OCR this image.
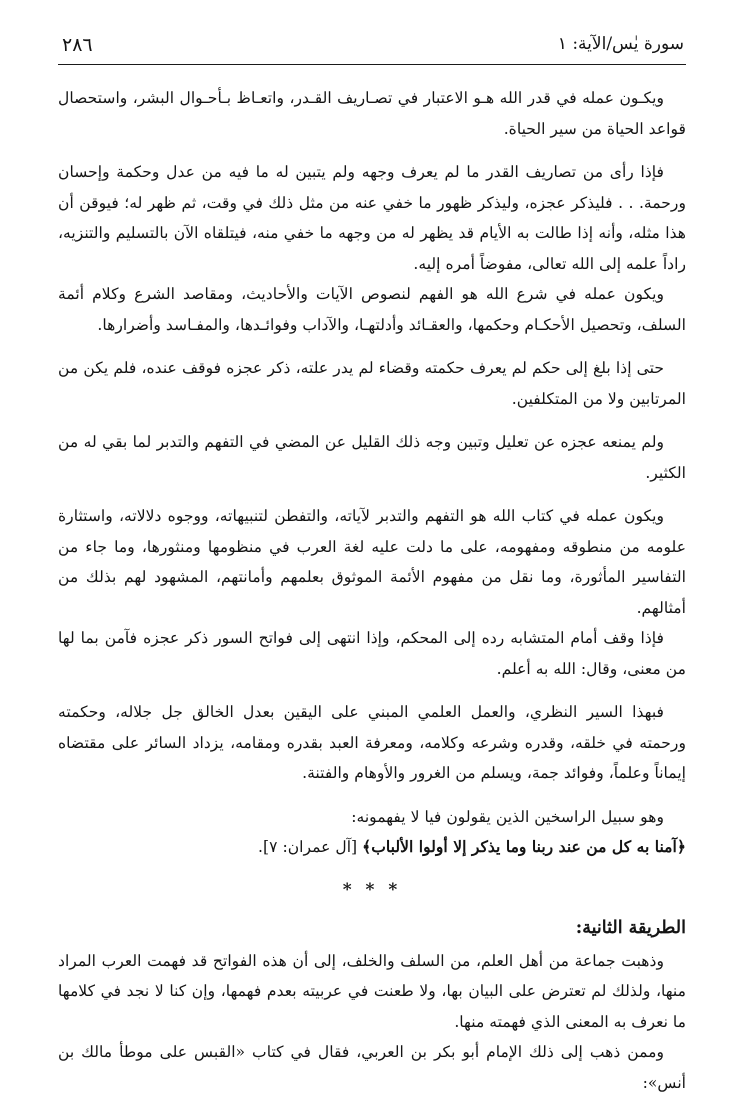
٢٨٦	سورة يٰس/الآية: ١

ويكـون عمله في قدر الله هـو الاعتبار في تصـاريف القـدر، واتعـاظ بـأحـوال البشر، واستحصال قواعد الحياة من سير الحياة.

فإذا رأى من تصاريف القدر ما لم يعرف وجهه ولم يتبين له ما فيه من عدل وحكمة وإحسان ورحمة. . . فليذكر عجزه، وليذكر ظهور ما خفي عنه من مثل ذلك في وقت، ثم ظهر له؛ فيوقن أن هذا مثله، وأنه إذا طالت به الأيام قد يظهر له من وجهه ما خفي منه، فيتلقاه الآن بالتسليم والتنزيه، راداً علمه إلى الله تعالى، مفوضاً أمره إليه.

ويكون عمله في شرع الله هو الفهم لنصوص الآيات والأحاديث، ومقاصد الشرع وكلام أئمة السلف، وتحصيل الأحكـام وحكمها، والعقـائد وأدلتهـا، والآداب وفوائـدها، والمفـاسد وأضرارها.

حتى إذا بلغ إلى حكم لم يعرف حكمته وقضاء لم يدر علته، ذكر عجزه فوقف عنده، فلم يكن من المرتابين ولا من المتكلفين.

ولم يمنعه عجزه عن تعليل وتبين وجه ذلك القليل عن المضي في التفهم والتدبر لما بقي له من الكثير.

ويكون عمله في كتاب الله هو التفهم والتدبر لآياته، والتفطن لتنبيهاته، ووجوه دلالاته، واستثارة علومه من منطوقه ومفهومه، على ما دلت عليه لغة العرب في منظومها ومنثورها، وما جاء من التفاسير المأثورة، وما نقل من مفهوم الأئمة الموثوق بعلمهم وأمانتهم، المشهود لهم بذلك من أمثالهم.

فإذا وقف أمام المتشابه رده إلى المحكم، وإذا انتهى إلى فواتح السور ذكر عجزه فآمن بما لها من معنى، وقال: الله به أعلم.

فبهذا السير النظري، والعمل العلمي المبني على اليقين بعدل الخالق جل جلاله، وحكمته ورحمته في خلقه، وقدره وشرعه وكلامه، ومعرفة العبد بقدره ومقامه، يزداد السائر على مقتضاه إيماناً وعلماً، وفوائد جمة، ويسلم من الغرور والأوهام والفتنة.

وهو سبيل الراسخين الذين يقولون فيا لا يفهمونه:

﴿آمنا به كل من عند ربنا وما يذكر إلا أولوا الألباب﴾ [آل عمران: ٧].

* * *

الطريقة الثانية:

وذهبت جماعة من أهل العلم، من السلف والخلف، إلى أن هذه الفواتح قد فهمت العرب المراد منها، ولذلك لم تعترض على البيان بها، ولا طعنت في عربيته بعدم فهمها، وإن كنا لا نجد في كلامها ما نعرف به المعنى الذي فهمته منها.

وممن ذهب إلى ذلك الإمام أبو بكر بن العربي، فقال في كتاب «القبس على موطأ مالك بن أنس»:
